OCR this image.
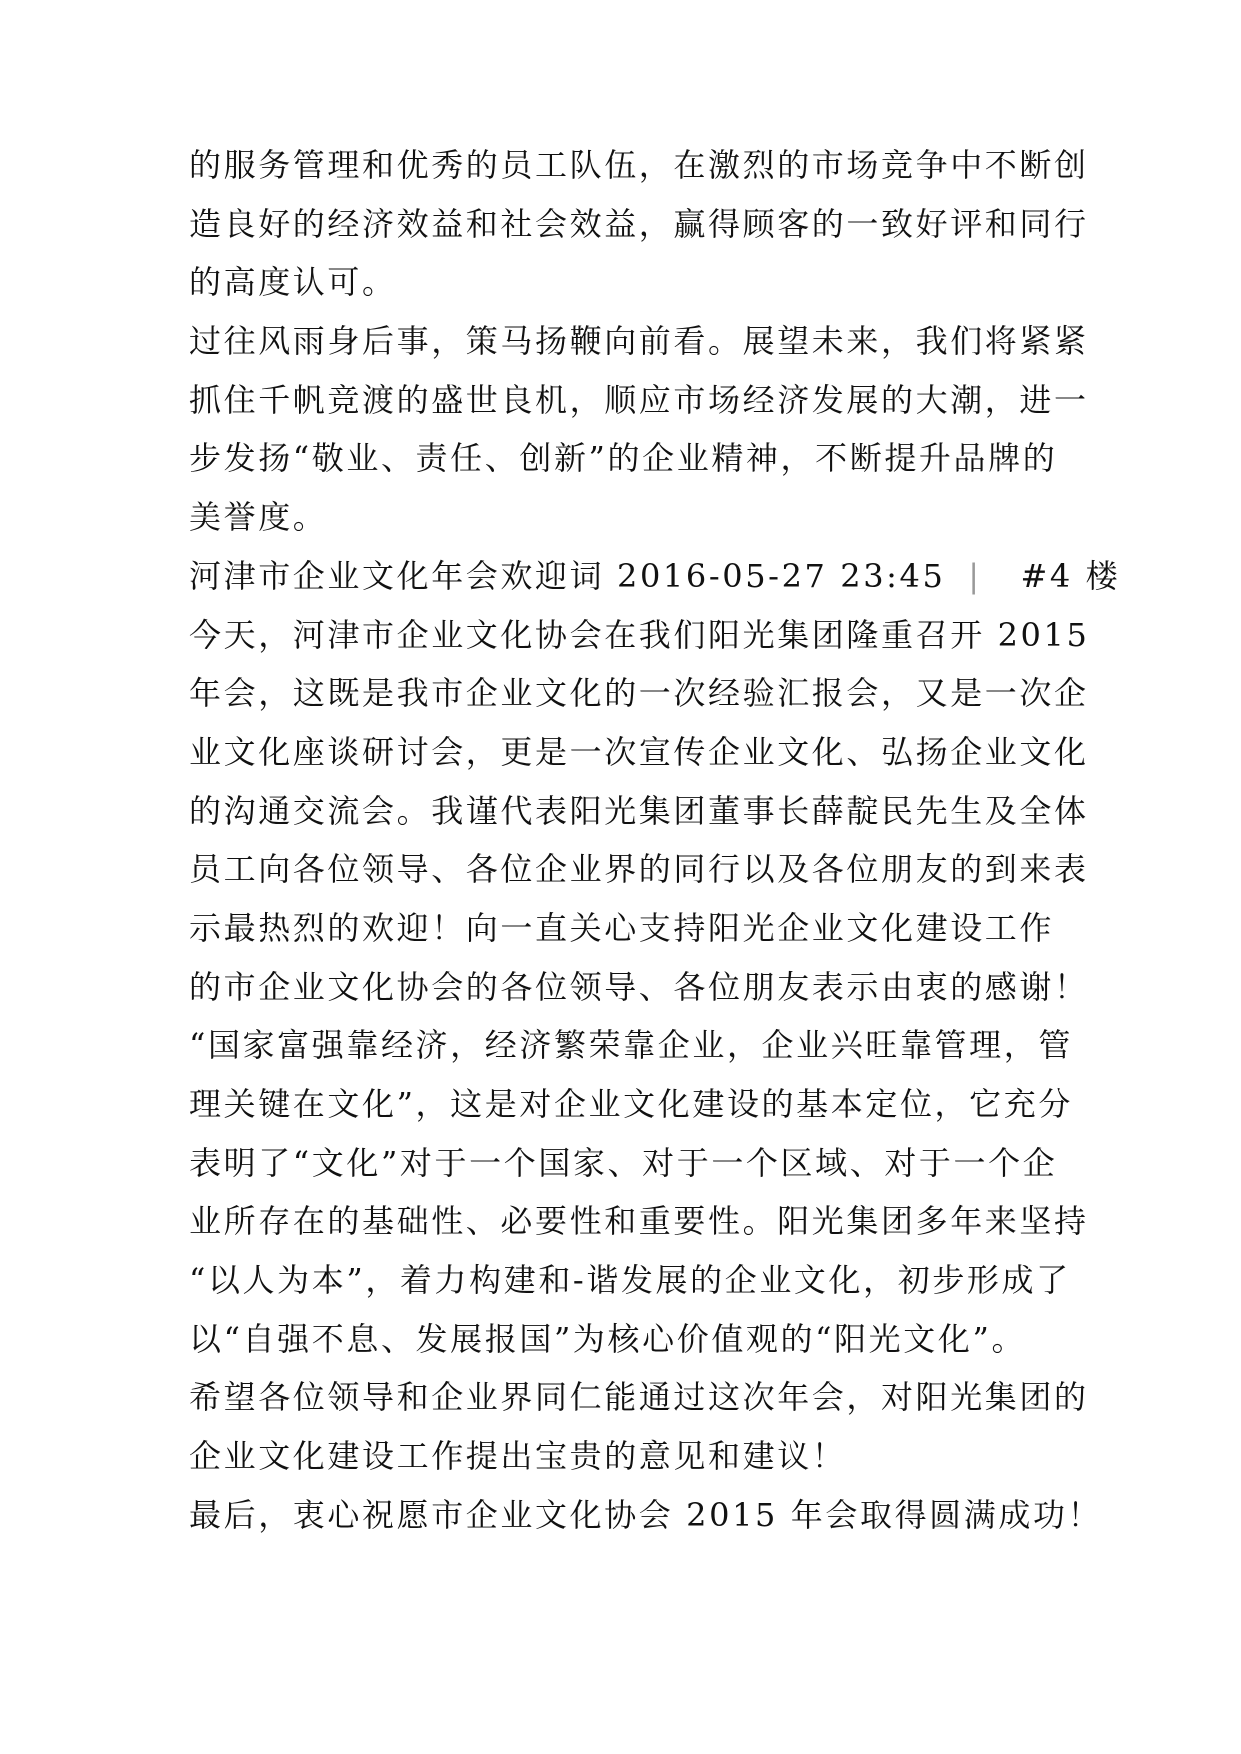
的服务管理和优秀的员工队伍，在激烈的市场竞争中不断创
造良好的经济效益和社会效益，赢得顾客的一致好评和同行
的高度认可。
过往风雨身后事，策马扬鞭向前看。展望未来，我们将紧紧
抓住千帆竞渡的盛世良机，顺应市场经济发展的大潮，进一
步发扬“敬业、责任、创新”的企业精神，不断提升品牌的
美誉度。
河津市企业文化年会欢迎词 2016-05-27 23:45 | #4 楼
今天，河津市企业文化协会在我们阳光集团隆重召开 2015
年会，这既是我市企业文化的一次经验汇报会，又是一次企
业文化座谈研讨会，更是一次宣传企业文化、弘扬企业文化
的沟通交流会。我谨代表阳光集团董事长薛靛民先生及全体
员工向各位领导、各位企业界的同行以及各位朋友的到来表
示最热烈的欢迎！向一直关心支持阳光企业文化建设工作
的市企业文化协会的各位领导、各位朋友表示由衷的感谢！
“国家富强靠经济，经济繁荣靠企业，企业兴旺靠管理，管
理关键在文化”，这是对企业文化建设的基本定位，它充分
表明了“文化”对于一个国家、对于一个区域、对于一个企
业所存在的基础性、必要性和重要性。阳光集团多年来坚持
“以人为本”，着力构建和-谐发展的企业文化，初步形成了
以“自强不息、发展报国”为核心价值观的“阳光文化”。
希望各位领导和企业界同仁能通过这次年会，对阳光集团的
企业文化建设工作提出宝贵的意见和建议！
最后，衷心祝愿市企业文化协会 2015 年会取得圆满成功！
